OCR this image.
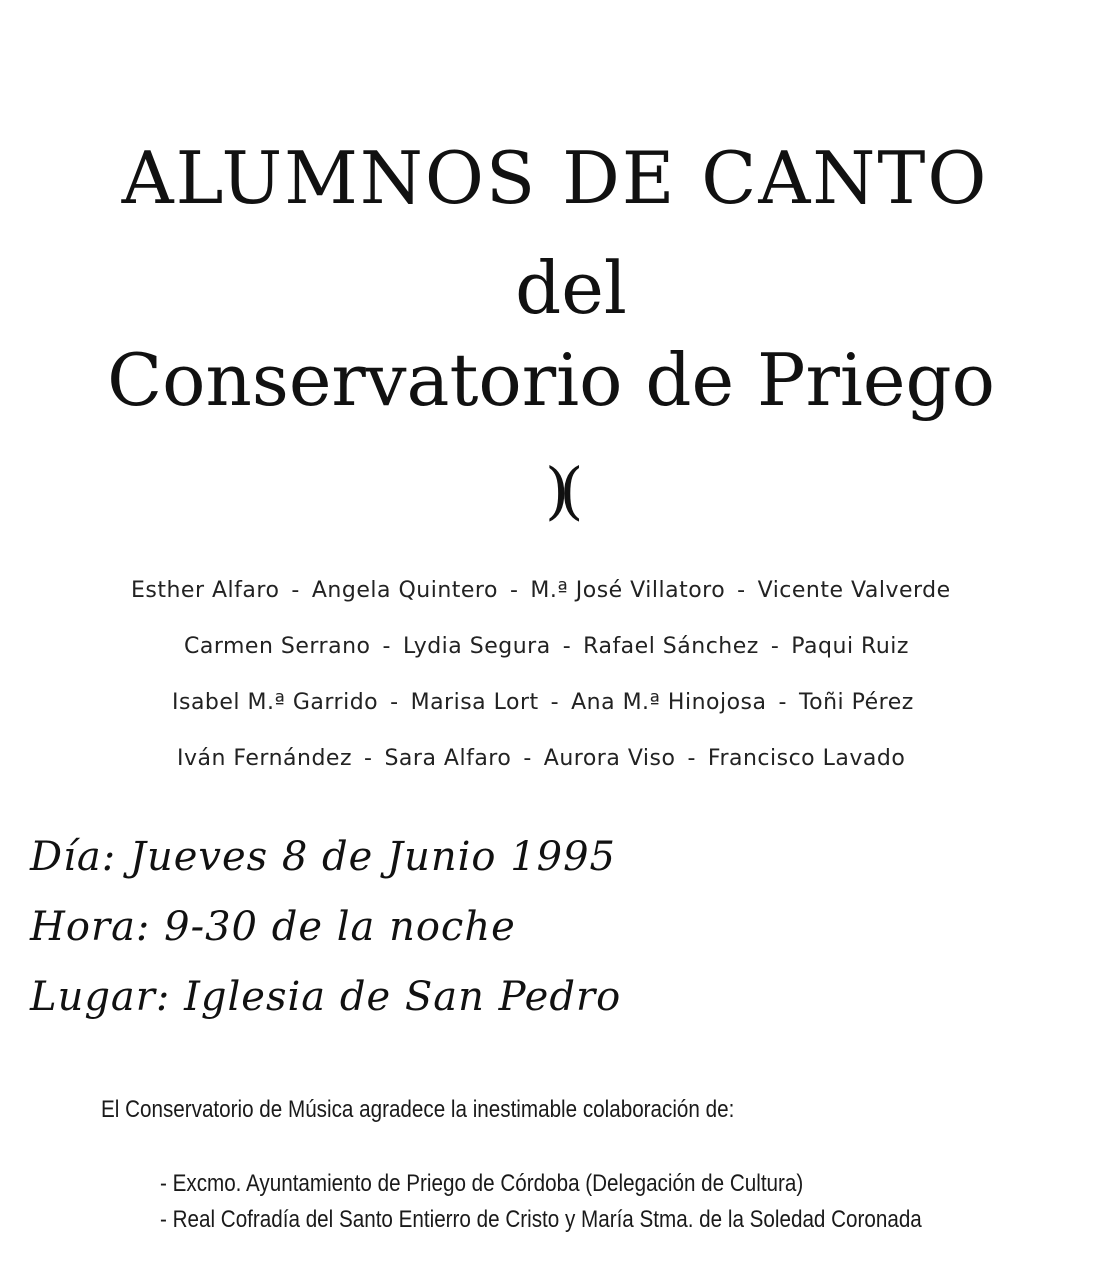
ALUMNOS DE CANTO
del
Conservatorio de Priego
)(
Esther Alfaro - Angela Quintero - M.ª José Villatoro - Vicente Valverde
Carmen Serrano - Lydia Segura - Rafael Sánchez - Paqui Ruiz
Isabel M.ª Garrido - Marisa Lort - Ana M.ª Hinojosa - Toñi Pérez
Iván Fernández - Sara Alfaro - Aurora Viso - Francisco Lavado
Día: Jueves 8 de Junio 1995
Hora: 9-30 de la noche
Lugar: Iglesia de San Pedro
El Conservatorio de Música agradece la inestimable colaboración de:
- Excmo. Ayuntamiento de Priego de Córdoba (Delegación de Cultura)
- Real Cofradía del Santo Entierro de Cristo y María Stma. de la Soledad Coronada
